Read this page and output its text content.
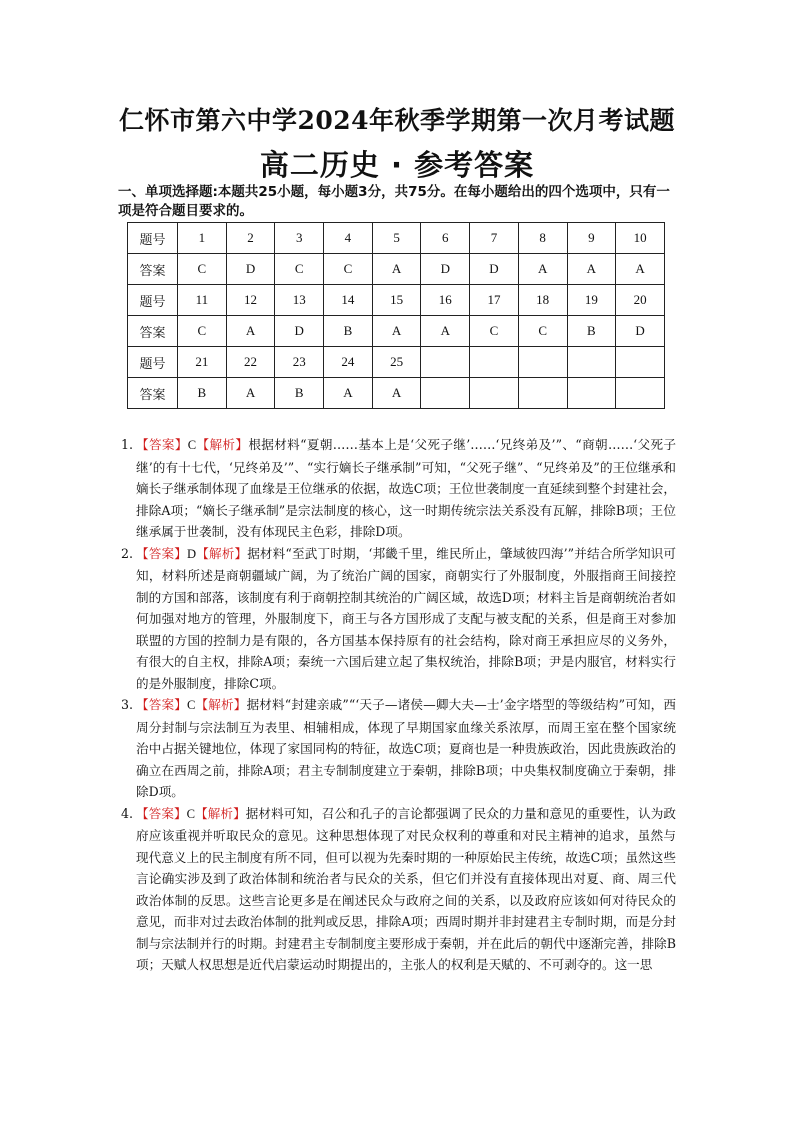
仁怀市第六中学2024年秋季学期第一次月考试题
高二历史 · 参考答案

一、单项选择题:本题共25小题，每小题3分，共75分。在每小题给出的四个选项中，只有一项是符合题目要求的。

题号	1	2	3	4	5	6	7	8	9	10
答案	C	D	C	C	A	D	D	A	A	A
题号	11	12	13	14	15	16	17	18	19	20
答案	C	A	D	B	A	A	C	C	B	D
题号	21	22	23	24	25					
答案	B	A	B	A	A					
1. 【答案】C【解析】根据材料“夏朝……基本上是‘父死子继’……‘兄终弟及’”、“商朝……‘父死子继’的有十七代，‘兄终弟及’”、“实行嫡长子继承制”可知，“父死子继”、“兄终弟及”的王位继承和嫡长子继承制体现了血缘是王位继承的依据，故选C项；王位世袭制度一直延续到整个封建社会，排除A项；“嫡长子继承制”是宗法制度的核心，这一时期传统宗法关系没有瓦解，排除B项；王位继承属于世袭制，没有体现民主色彩，排除D项。
2. 【答案】D【解析】据材料“至武丁时期，‘邦畿千里，维民所止，肇域彼四海’”并结合所学知识可知，材料所述是商朝疆域广阔，为了统治广阔的国家，商朝实行了外服制度，外服指商王间接控制的方国和部落，该制度有利于商朝控制其统治的广阔区域，故选D项；材料主旨是商朝统治者如何加强对地方的管理，外服制度下，商王与各方国形成了支配与被支配的关系，但是商王对参加联盟的方国的控制力是有限的，各方国基本保持原有的社会结构，除对商王承担应尽的义务外，有很大的自主权，排除A项；秦统一六国后建立起了集权统治，排除B项；尹是内服官，材料实行的是外服制度，排除C项。
3. 【答案】C【解析】据材料“封建亲戚”“‘天子—诸侯—卿大夫—士’金字塔型的等级结构”可知，西周分封制与宗法制互为表里、相辅相成，体现了早期国家血缘关系浓厚，而周王室在整个国家统治中占据关键地位，体现了家国同构的特征，故选C项；夏商也是一种贵族政治，因此贵族政治的确立在西周之前，排除A项；君主专制制度建立于秦朝，排除B项；中央集权制度确立于秦朝，排除D项。
4. 【答案】C【解析】据材料可知，召公和孔子的言论都强调了民众的力量和意见的重要性，认为政府应该重视并听取民众的意见。这种思想体现了对民众权利的尊重和对民主精神的追求，虽然与现代意义上的民主制度有所不同，但可以视为先秦时期的一种原始民主传统，故选C项；虽然这些言论确实涉及到了政治体制和统治者与民众的关系，但它们并没有直接体现出对夏、商、周三代政治体制的反思。这些言论更多是在阐述民众与政府之间的关系，以及政府应该如何对待民众的意见，而非对过去政治体制的批判或反思，排除A项；西周时期并非封建君主专制时期，而是分封制与宗法制并行的时期。封建君主专制制度主要形成于秦朝，并在此后的朝代中逐渐完善，排除B项；天赋人权思想是近代启蒙运动时期提出的，主张人的权利是天赋的、不可剥夺的。这一思
